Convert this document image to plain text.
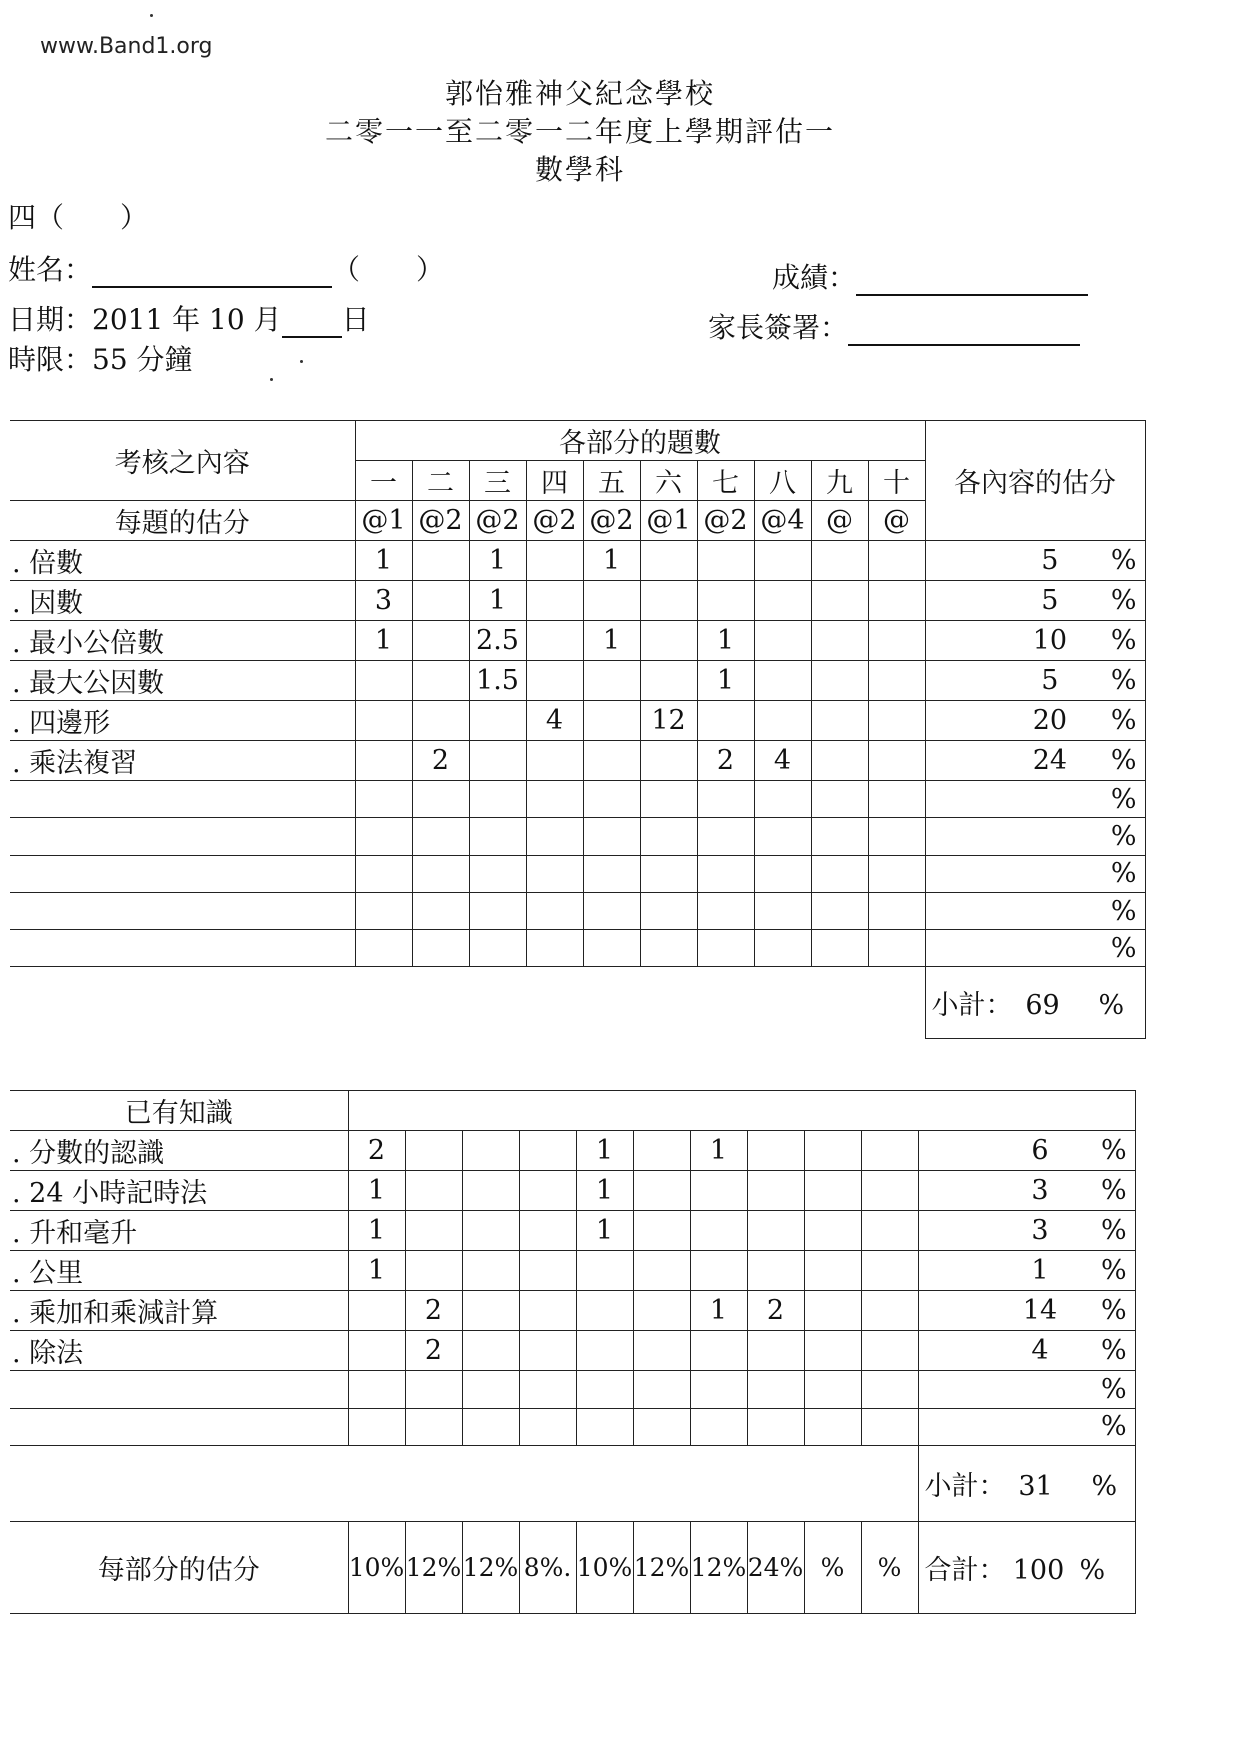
www.Band1.org
郭怡雅神父紀念學校
二零一一至二零一二年度上學期評估一
數學科
四（　　）
姓名：	（　　）
日期：2011 年 10 月 日
時限：55 分鐘
成績：
家長簽署：
考核之內容	各部分的題數										各內容的估分
	一	二	三	四	五	六	七	八	九	十	
每題的估分	@1	@2	@2	@2	@2	@1	@2	@4	@	@	
. 倍數	1		1		1						5 %
. 因數	3		1								5 %
. 最小公倍數	1		2.5		1		1				10 %
. 最大公因數			1.5				1				5 %
. 四邊形				4		12					20 %
. 乘法複習		2					2	4			24 %
											%
											%
											%
											%
											%
											小計： 69 %
已有知識											
. 分數的認識	2				1		1				6 %
. 24 小時記時法	1				1						3 %
. 升和毫升	1				1						3 %
. 公里	1										1 %
. 乘加和乘減計算		2					1	2			14 %
. 除法		2									4 %
											%
											%
											小計： 31 %
每部分的估分	10%	12%	12%	8%.	10%	12%	12%	24%	%	%	合計： 100 %
